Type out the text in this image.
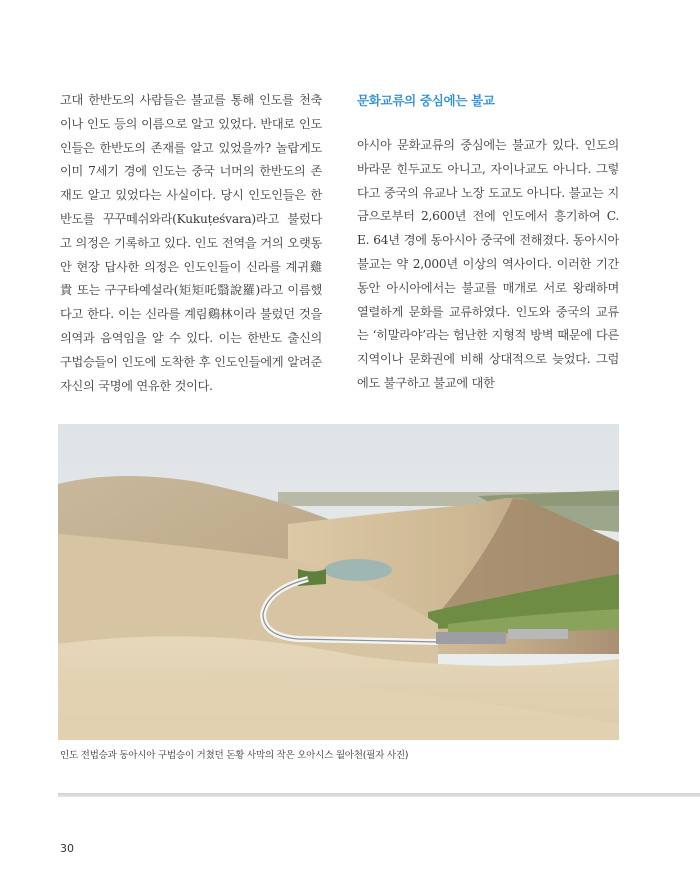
고대 한반도의 사람들은 불교를 통해 인도를 천축이나 인도 등의 이름으로 알고 있었다. 반대로 인도인들은 한반도의 존재를 알고 있었을까? 놀랍게도 이미 7세기 경에 인도는 중국 너머의 한반도의 존재도 알고 있었다는 사실이다. 당시 인도인들은 한반도를 꾸꾸떼쉬와라(Kukuṭeśvara)라고 불렀다고 의정은 기록하고 있다. 인도 전역을 거의 오랫동안 현장 답사한 의정은 인도인들이 신라를 계귀雞貴 또는 구구타예설라(矩矩吒翳說羅)라고 이름했다고 한다. 이는 신라를 계림鷄林이라 불렀던 것을 의역과 음역임을 알 수 있다. 이는 한반도 출신의 구법승들이 인도에 도착한 후 인도인들에게 알려준 자신의 국명에 연유한 것이다.

문화교류의 중심에는 불교

아시아 문화교류의 중심에는 불교가 있다. 인도의 바라문 힌두교도 아니고, 자이나교도 아니다. 그렇다고 중국의 유교나 노장 도교도 아니다. 불교는 지금으로부터 2,600년 전에 인도에서 흥기하여 C. E. 64년 경에 동아시아 중국에 전해졌다. 동아시아 불교는 약 2,000년 이상의 역사이다. 이러한 기간 동안 아시아에서는 불교를 매개로 서로 왕래하며 열렬하게 문화를 교류하였다. 인도와 중국의 교류는 ‘히말라야’라는 험난한 지형적 방벽 때문에 다른 지역이나 문화권에 비해 상대적으로 늦었다. 그럼에도 불구하고 불교에 대한

인도 전법승과 동아시아 구법승이 거쳤던 돈황 사막의 작은 오아시스 월아천(필자 사진)
30
